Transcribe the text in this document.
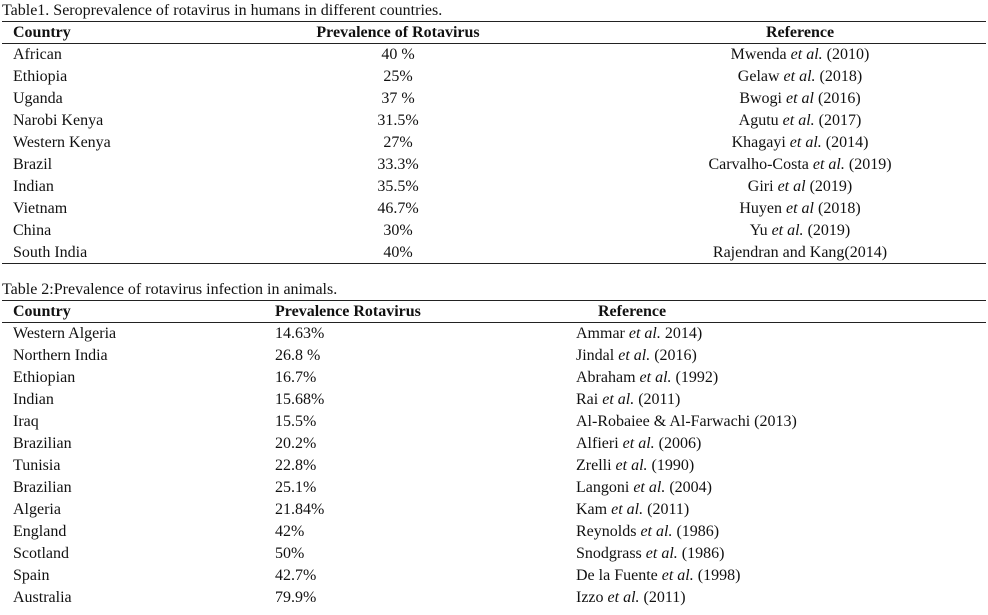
Table1. Seroprevalence of rotavirus in humans in different countries.
Country	Prevalence of Rotavirus	Reference
African	40 %	Mwenda et al. (2010)
Ethiopia	25%	Gelaw et al. (2018)
Uganda	37 %	Bwogi et al (2016)
Narobi Kenya	31.5%	Agutu et al. (2017)
Western Kenya	27%	Khagayi et al. (2014)
Brazil	33.3%	Carvalho-Costa et al. (2019)
Indian	35.5%	Giri et al (2019)
Vietnam	46.7%	Huyen et al (2018)
China	30%	Yu et al. (2019)
South India	40%	Rajendran and Kang(2014)
Table 2:Prevalence of rotavirus infection in animals.
Country	Prevalence Rotavirus	Reference
Western Algeria	14.63%	Ammar et al. 2014)
Northern India	26.8 %	Jindal et al. (2016)
Ethiopian	16.7%	Abraham et al. (1992)
Indian	15.68%	Rai et al. (2011)
Iraq	15.5%	Al-Robaiee & Al-Farwachi (2013)
Brazilian	20.2%	Alfieri et al. (2006)
Tunisia	22.8%	Zrelli et al. (1990)
Brazilian	25.1%	Langoni et al. (2004)
Algeria	21.84%	Kam et al. (2011)
England	42%	Reynolds et al. (1986)
Scotland	50%	Snodgrass et al. (1986)
Spain	42.7%	De la Fuente et al. (1998)
Australia	79.9%	Izzo et al. (2011)
